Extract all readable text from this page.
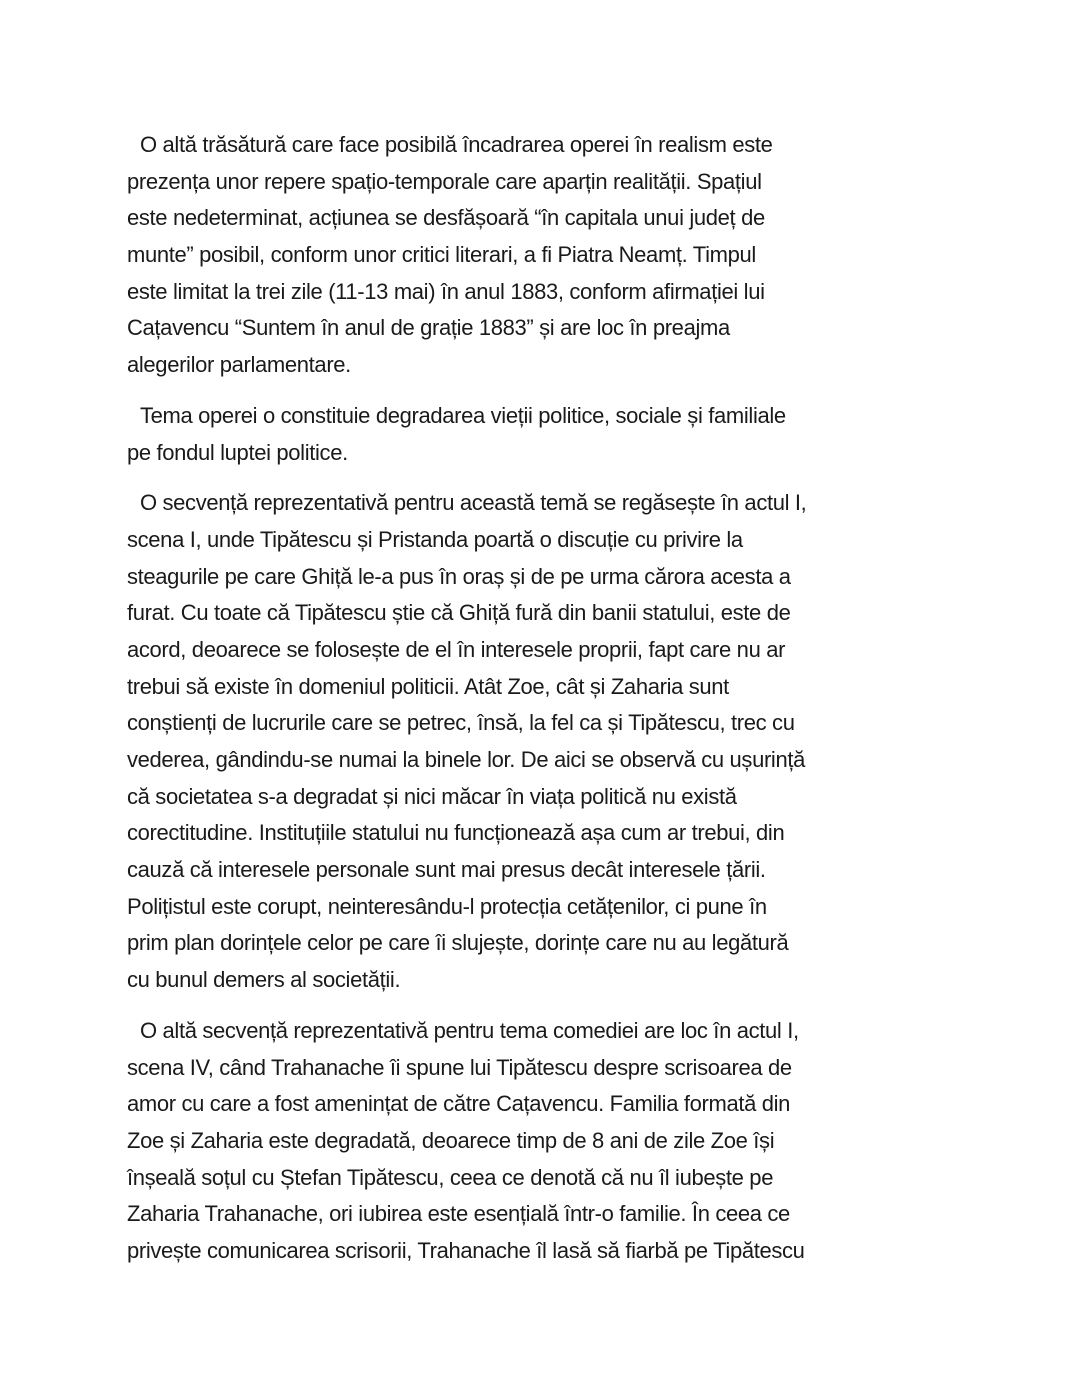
O altă trăsătură care face posibilă încadrarea operei în realism este
prezența unor repere spațio-temporale care aparțin realității. Spațiul
este nedeterminat, acțiunea se desfășoară “în capitala unui județ de
munte” posibil, conform unor critici literari, a fi Piatra Neamț. Timpul
este limitat la trei zile (11-13 mai) în anul 1883, conform afirmației lui
Cațavencu “Suntem în anul de grație 1883” și are loc în preajma
alegerilor parlamentare.
Tema operei o constituie degradarea vieții politice, sociale și familiale
pe fondul luptei politice.
O secvență reprezentativă pentru această temă se regăsește în actul I,
scena I, unde Tipătescu și Pristanda poartă o discuție cu privire la
steagurile pe care Ghiță le-a pus în oraș și de pe urma cărora acesta a
furat. Cu toate că Tipătescu știe că Ghiță fură din banii statului, este de
acord, deoarece se folosește de el în interesele proprii, fapt care nu ar
trebui să existe în domeniul politicii. Atât Zoe, cât și Zaharia sunt
conștienți de lucrurile care se petrec, însă, la fel ca și Tipătescu, trec cu
vederea, gândindu-se numai la binele lor. De aici se observă cu ușurință
că societatea s-a degradat și nici măcar în viața politică nu există
corectitudine. Instituțiile statului nu funcționează așa cum ar trebui, din
cauză că interesele personale sunt mai presus decât interesele țării.
Polițistul este corupt, neinteresându-l protecția cetățenilor, ci pune în
prim plan dorințele celor pe care îi slujește, dorințe care nu au legătură
cu bunul demers al societății.
O altă secvență reprezentativă pentru tema comediei are loc în actul I,
scena IV, când Trahanache îi spune lui Tipătescu despre scrisoarea de
amor cu care a fost amenințat de către Cațavencu. Familia formată din
Zoe și Zaharia este degradată, deoarece timp de 8 ani de zile Zoe își
înșeală soțul cu Ștefan Tipătescu, ceea ce denotă că nu îl iubește pe
Zaharia Trahanache, ori iubirea este esențială într-o familie. În ceea ce
privește comunicarea scrisorii, Trahanache îl lasă să fiarbă pe Tipătescu
